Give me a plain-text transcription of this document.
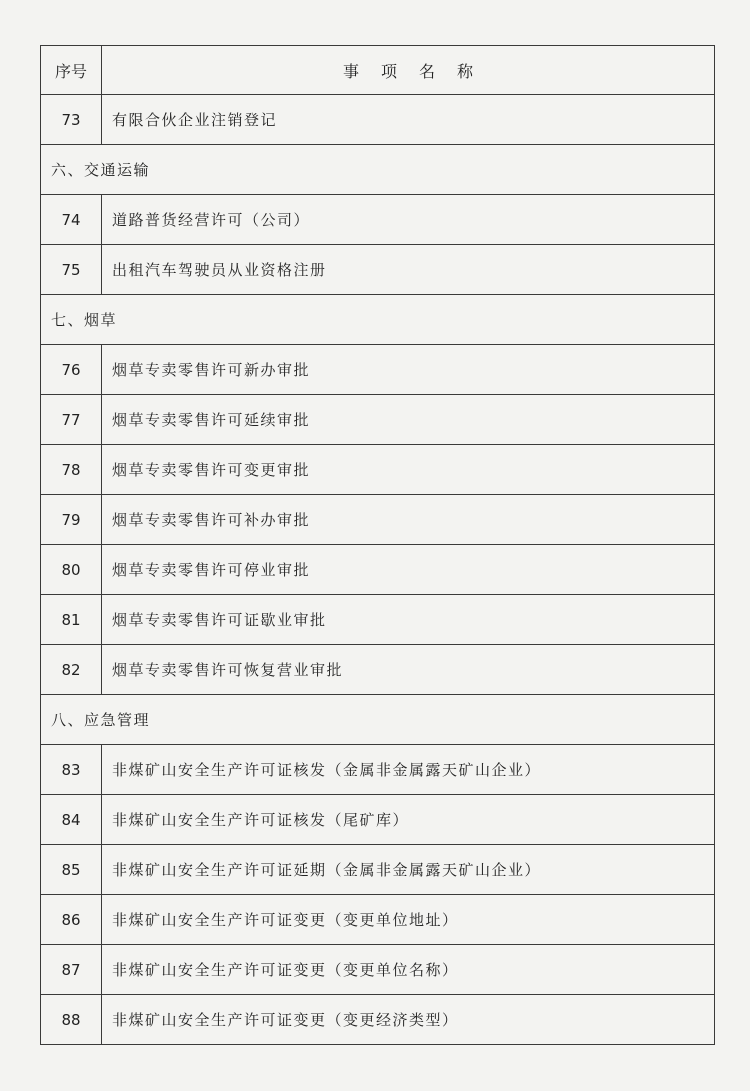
序号	事项名称
73	有限合伙企业注销登记
六、交通运输	
74	道路普货经营许可（公司）
75	出租汽车驾驶员从业资格注册
七、烟草	
76	烟草专卖零售许可新办审批
77	烟草专卖零售许可延续审批
78	烟草专卖零售许可变更审批
79	烟草专卖零售许可补办审批
80	烟草专卖零售许可停业审批
81	烟草专卖零售许可证歇业审批
82	烟草专卖零售许可恢复营业审批
八、应急管理	
83	非煤矿山安全生产许可证核发（金属非金属露天矿山企业）
84	非煤矿山安全生产许可证核发（尾矿库）
85	非煤矿山安全生产许可证延期（金属非金属露天矿山企业）
86	非煤矿山安全生产许可证变更（变更单位地址）
87	非煤矿山安全生产许可证变更（变更单位名称）
88	非煤矿山安全生产许可证变更（变更经济类型）
